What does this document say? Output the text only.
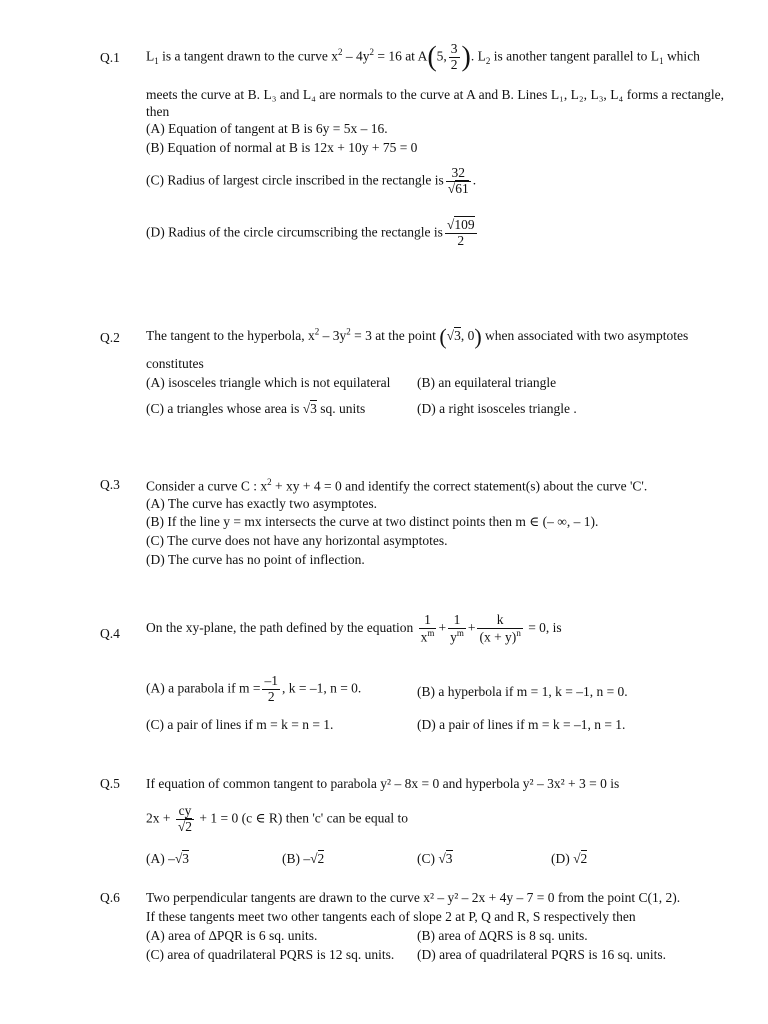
Q.1 $L_1$ is a tangent drawn to the curve $x^2 - 4y^2 = 16$ at A(5, $\frac{3}{2}$ ). $L_2$ is another tangent parallel to $L_1$ which
meets the curve at B. L₃ and L₄ are normals to the curve at A and B. Lines L₁, L₂, L₃, L₄ forms a rectangle, then
(A) Equation of tangent at B is 6y = 5x – 16.
(B) Equation of normal at B is 12x + 10y + 75 = 0
(C) Radius of largest circle inscribed in the rectangle is $\frac{32}{√61}$ .
(D) Radius of the circle circumscribing the rectangle is $\frac{√109}{2}$
Q.2 The tangent to the hyperbola, $x^2 - 3y^2 = 3$ at the point (√3, 0) when associated with two asymptotes
constitutes
(A) isosceles triangle which is not equilateral (B) an equilateral triangle
(C) a triangles whose area is √3 sq. units	(D) a right isosceles triangle .
Q.3 Consider a curve C : $x^2$ + xy + 4 = 0 and identify the correct statement(s) about the curve 'C'.
(A) The curve has exactly two asymptotes.
(B) If the line y = mx intersects the curve at two distinct points then m ∈ (– ∞, – 1).
(C) The curve does not have any horizontal asymptotes.
(D) The curve has no point of inflection.
Q.4 On the xy-plane, the path defined by the equation $\frac{1}{x^m} + \frac{1}{y^m} + \frac{k}{(x + y)^n} = 0$, is
(A) a parabola if $m = \frac{-1}{2}$ , k = –1, n = 0.	(B) a hyperbola if m = 1, k = –1, n = 0.
(C) a pair of lines if m = k = n = 1.	(D) a pair of lines if m = k = –1, n = 1.
Q.5 If equation of common tangent to parabola y² – 8x = 0 and hyperbola y² – 3x² + 3 = 0 is
$2x + \frac{cy}{√2} + 1 = 0$ (c ∈ R) then 'c' can be equal to
(A) –√3	(B) –√2	(C) √3	(D) √2
Q.6 Two perpendicular tangents are drawn to the curve x² – y² – 2x + 4y – 7 = 0 from the point C(1, 2).
If these tangents meet two other tangents each of slope 2 at P, Q and R, S respectively then
(A) area of ∆PQR is 6 sq. units.	(B) area of ∆QRS is 8 sq. units.
(C) area of quadrilateral PQRS is 12 sq. units. (D) area of quadrilateral PQRS is 16 sq. units.
